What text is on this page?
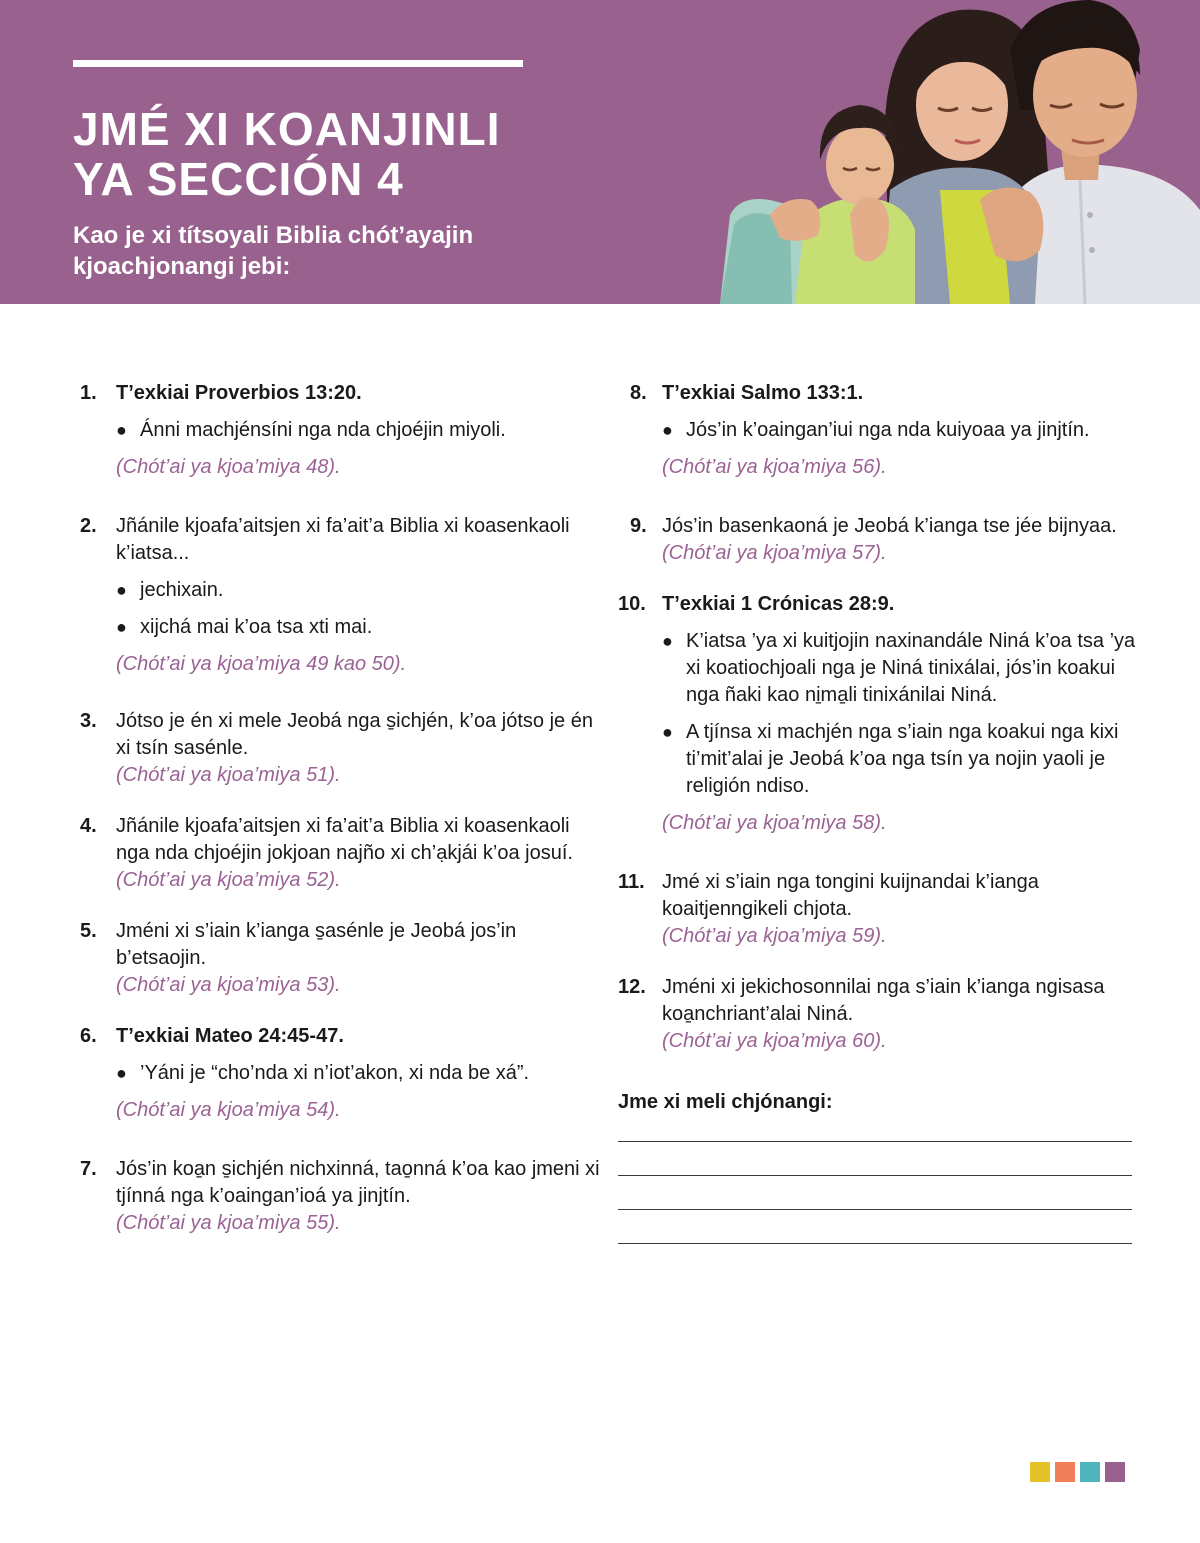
JMÉ XI KOANJINLI
YA SECCIÓN 4

Kao je xi títsoyali Biblia chót’ayajin
kjoachjonangi jebi:

1. T’exkiai Proverbios 13:20.

● Ánni machjénsíni nga nda chjoéjin miyoli.

(Chót’ai ya kjoa’miya 48).

2. Jñánile kjoafa’aitsjen xi fa’ait’a Biblia xi koasenkaoli k’iatsa...

● jechixain.
● xijchá mai k’oa tsa xti mai.

(Chót’ai ya kjoa’miya 49 kao 50).

3. Jótso je én xi mele Jeobá nga s̱ichjén, k’oa jótso je én xi tsín sasénle.

(Chót’ai ya kjoa’miya 51).

4. Jñánile kjoafa’aitsjen xi fa’ait’a Biblia xi koasenkaoli nga nda chjoéjin jokjoan najño xi ch’ạkjái k’oa josuí.

(Chót’ai ya kjoa’miya 52).

5. Jméni xi s’iain k’ianga s̱asénle je Jeobá jos’in b’etsaojin.

(Chót’ai ya kjoa’miya 53).

6. T’exkiai Mateo 24:45-47.

● ’Yáni je “cho’nda xi n’iot’akon, xi nda be xá”.

(Chót’ai ya kjoa’miya 54).

7. Jós’in koa̱n s̱ichjén nichxinná, tao̱nná k’oa kao jmeni xi tjínná nga k’oaingan’ioá ya jinjtín.

(Chót’ai ya kjoa’miya 55).

8. T’exkiai Salmo 133:1.

● Jós’in k’oaingan’iui nga nda kuiyoaa ya jinjtín.

(Chót’ai ya kjoa’miya 56).

9. Jós’in basenkaoná je Jeobá k’ianga tse jée bijnyaa.

(Chót’ai ya kjoa’miya 57).

10. T’exkiai 1 Crónicas 28:9.

● K’iatsa ’ya xi kuitjojin naxinandále Niná k’oa tsa ’ya xi koatiochjoali nga je Niná tinixálai, jós’in koakui nga ñaki kao ni̱ma̱li tinixánilai Niná.
● A tjínsa xi machjén nga s’iain nga koakui nga kixi ti’mit’alai je Jeobá k’oa nga tsín ya nojin yaoli je religión ndiso.

(Chót’ai ya kjoa’miya 58).

11. Jmé xi s’iain nga tongini kuijnandai k’ianga koaitjenngikeli chjota.

(Chót’ai ya kjoa’miya 59).

12. Jméni xi jekichosonnilai nga s’iain k’ianga ngisasa koa̱nchriant’alai Niná.

(Chót’ai ya kjoa’miya 60).

Jme xi meli chjónangi:
